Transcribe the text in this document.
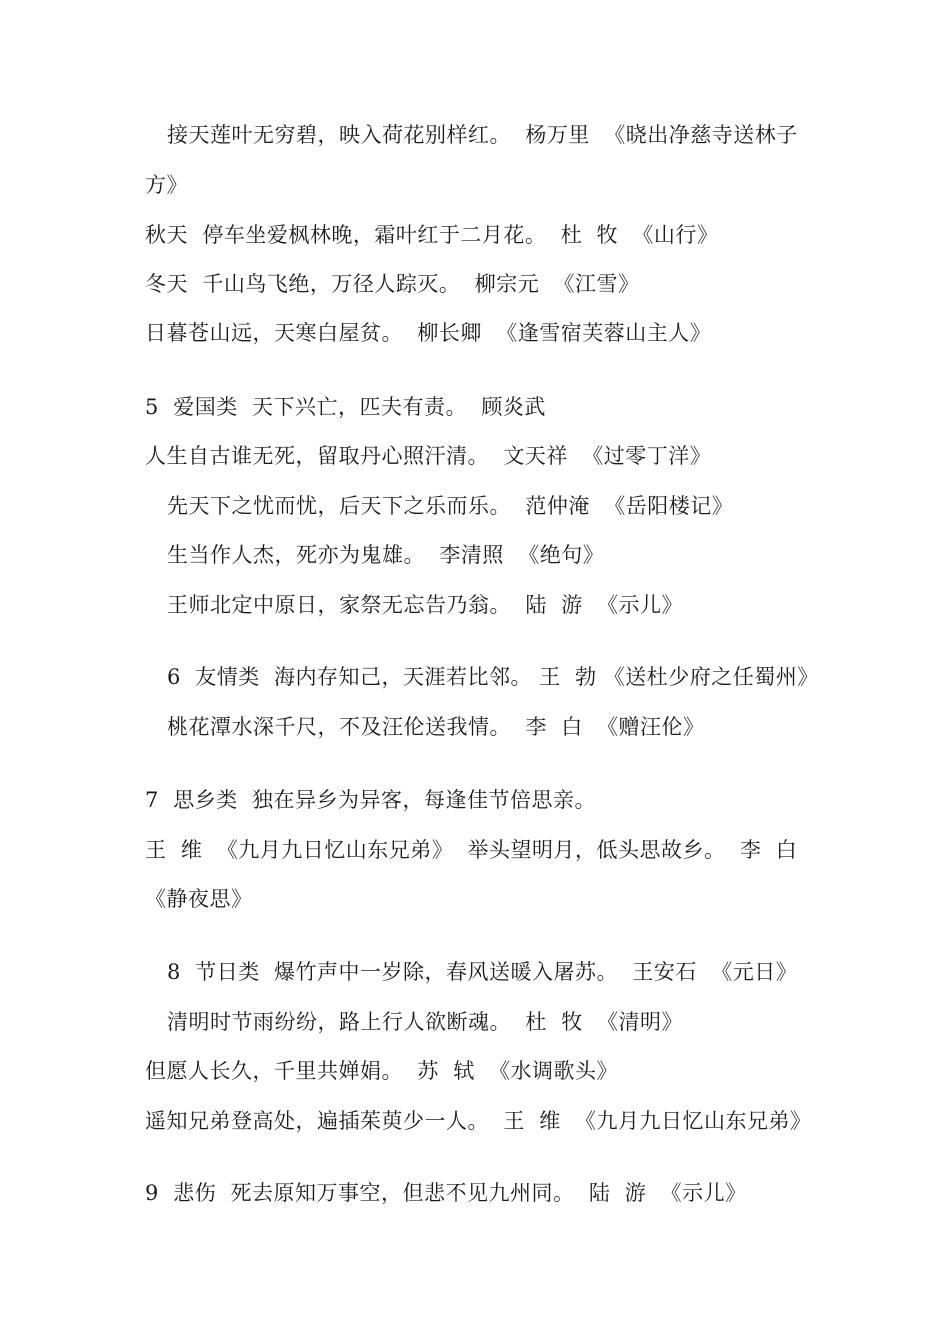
接天莲叶无穷碧，映入荷花别样红。  杨万里  《晓出净慈寺送林子
方》
秋天  停车坐爱枫林晚，霜叶红于二月花。  杜  牧  《山行》
冬天  千山鸟飞绝，万径人踪灭。  柳宗元  《江雪》
日暮苍山远，天寒白屋贫。  柳长卿  《逢雪宿芙蓉山主人》
5  爱国类  天下兴亡，匹夫有责。  顾炎武
人生自古谁无死，留取丹心照汗清。  文天祥  《过零丁洋》
先天下之忧而忧，后天下之乐而乐。  范仲淹  《岳阳楼记》
生当作人杰，死亦为鬼雄。  李清照  《绝句》
王师北定中原日，家祭无忘告乃翁。  陆  游  《示儿》
6  友情类  海内存知己，天涯若比邻。 王  勃 《送杜少府之任蜀州》
桃花潭水深千尺，不及汪伦送我情。  李  白  《赠汪伦》
7  思乡类  独在异乡为异客，每逢佳节倍思亲。
王  维  《九月九日忆山东兄弟》  举头望明月，低头思故乡。  李  白
《静夜思》
8  节日类  爆竹声中一岁除，春风送暖入屠苏。  王安石  《元日》
清明时节雨纷纷，路上行人欲断魂。  杜  牧  《清明》
但愿人长久，千里共婵娟。  苏  轼  《水调歌头》
遥知兄弟登高处，遍插茱萸少一人。  王  维  《九月九日忆山东兄弟》
9  悲伤  死去原知万事空，但悲不见九州同。  陆  游  《示儿》
